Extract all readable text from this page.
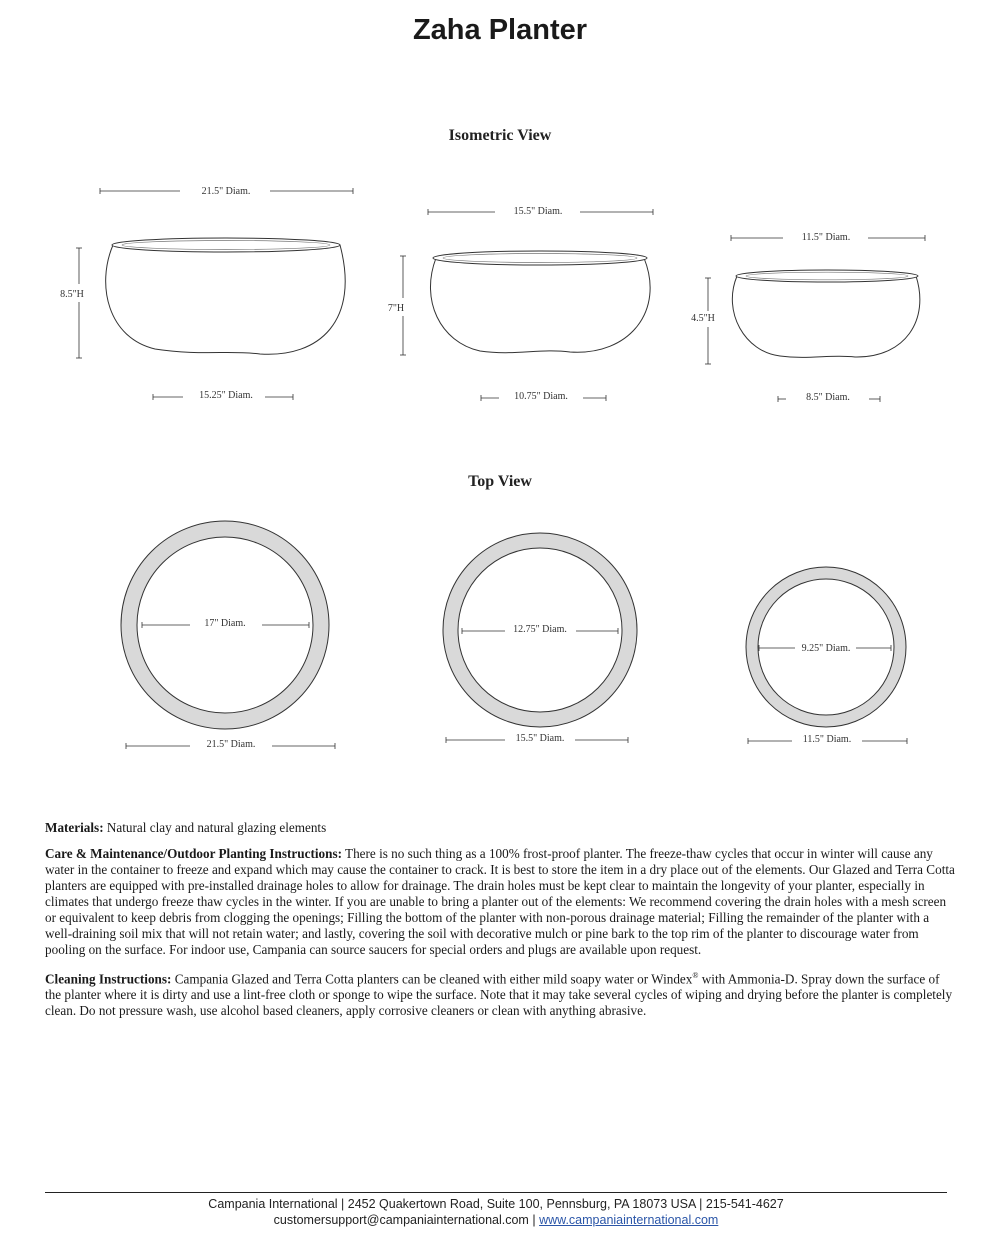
Zaha Planter
Isometric View
Top View
21.5" Diam.
8.5"H
15.25" Diam.
15.5" Diam.
7"H
10.75" Diam.
11.5" Diam.
4.5"H
8.5" Diam.
17" Diam.
21.5" Diam.
12.75" Diam.
15.5" Diam.
9.25" Diam.
11.5" Diam.

Materials: Natural clay and natural glazing elements

Care & Maintenance/Outdoor Planting Instructions: There is no such thing as a 100% frost-proof planter. The freeze-thaw cycles that occur in winter will cause any water in the container to freeze and expand which may cause the container to crack. It is best to store the item in a dry place out of the elements. Our Glazed and Terra Cotta planters are equipped with pre-installed drainage holes to allow for drainage. The drain holes must be kept clear to maintain the longevity of your planter, especially in climates that undergo freeze thaw cycles in the winter. If you are unable to bring a planter out of the elements: We recommend covering the drain holes with a mesh screen or equivalent to keep debris from clogging the openings; Filling the bottom of the planter with non-porous drainage material; Filling the remainder of the planter with a well-draining soil mix that will not retain water; and lastly, covering the soil with decorative mulch or pine bark to the top rim of the planter to discourage water from pooling on the surface. For indoor use, Campania can source saucers for special orders and plugs are available upon request.

Cleaning Instructions: Campania Glazed and Terra Cotta planters can be cleaned with either mild soapy water or Windex® with Ammonia-D. Spray down the surface of the planter where it is dirty and use a lint-free cloth or sponge to wipe the surface. Note that it may take several cycles of wiping and drying before the planter is completely clean. Do not pressure wash, use alcohol based cleaners, apply corrosive cleaners or clean with anything abrasive.

Campania International | 2452 Quakertown Road, Suite 100, Pennsburg, PA 18073 USA | 215-541-4627
customersupport@campaniainternational.com | www.campaniainternational.com
